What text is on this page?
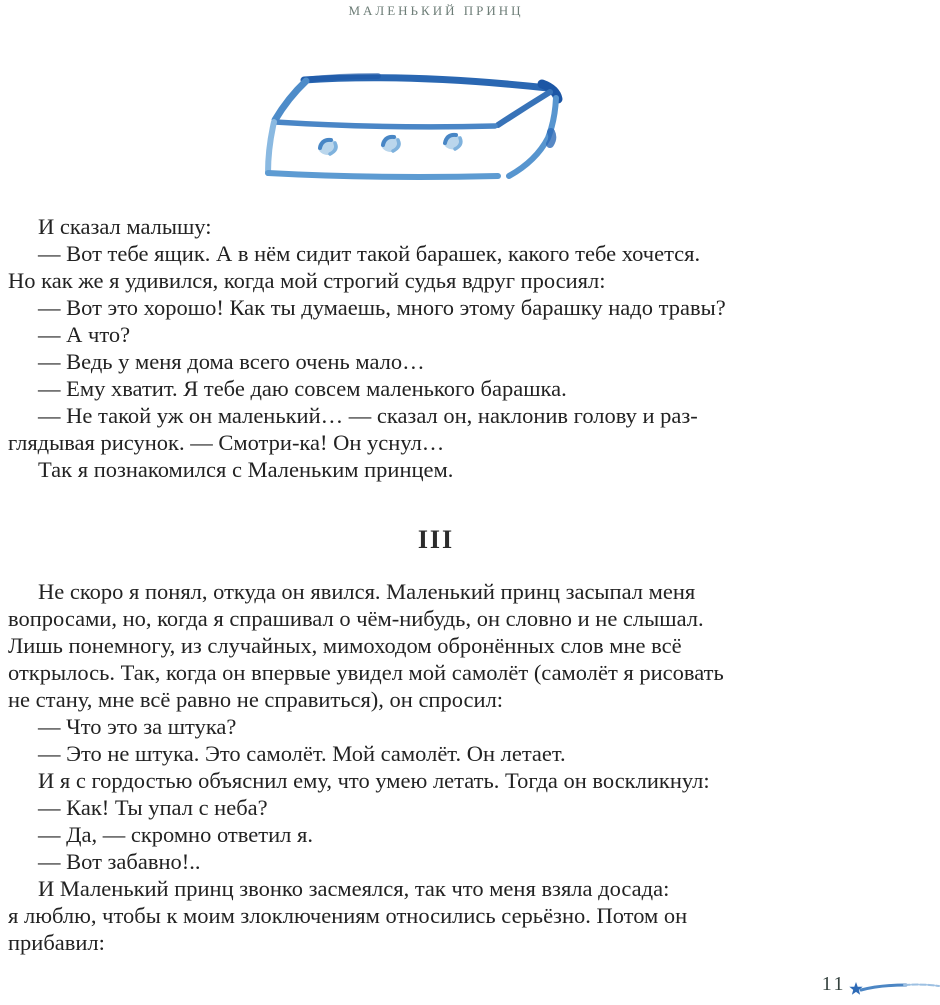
МАЛЕНЬКИЙ ПРИНЦ
И сказал малышу:
— Вот тебе ящик. А в нём сидит такой барашек, какого тебе хочется.
Но как же я удивился, когда мой строгий судья вдруг просиял:
— Вот это хорошо! Как ты думаешь, много этому барашку надо травы?
— А что?
— Ведь у меня дома всего очень мало…
— Ему хватит. Я тебе даю совсем маленького барашка.
— Не такой уж он маленький… — сказал он, наклонив голову и раз-
глядывая рисунок. — Смотри-ка! Он уснул…
Так я познакомился с Маленьким принцем.
III
Не скоро я понял, откуда он явился. Маленький принц засыпал меня
вопросами, но, когда я спрашивал о чём-нибудь, он словно и не слышал.
Лишь понемногу, из случайных, мимоходом обронённых слов мне всё
открылось. Так, когда он впервые увидел мой самолёт (самолёт я рисовать
не стану, мне всё равно не справиться), он спросил:
— Что это за штука?
— Это не штука. Это самолёт. Мой самолёт. Он летает.
И я с гордостью объяснил ему, что умею летать. Тогда он воскликнул:
— Как! Ты упал с неба?
— Да, — скромно ответил я.
— Вот забавно!..
И Маленький принц звонко засмеялся, так что меня взяла досада:
я люблю, чтобы к моим злоключениям относились серьёзно. Потом он
прибавил:
11
